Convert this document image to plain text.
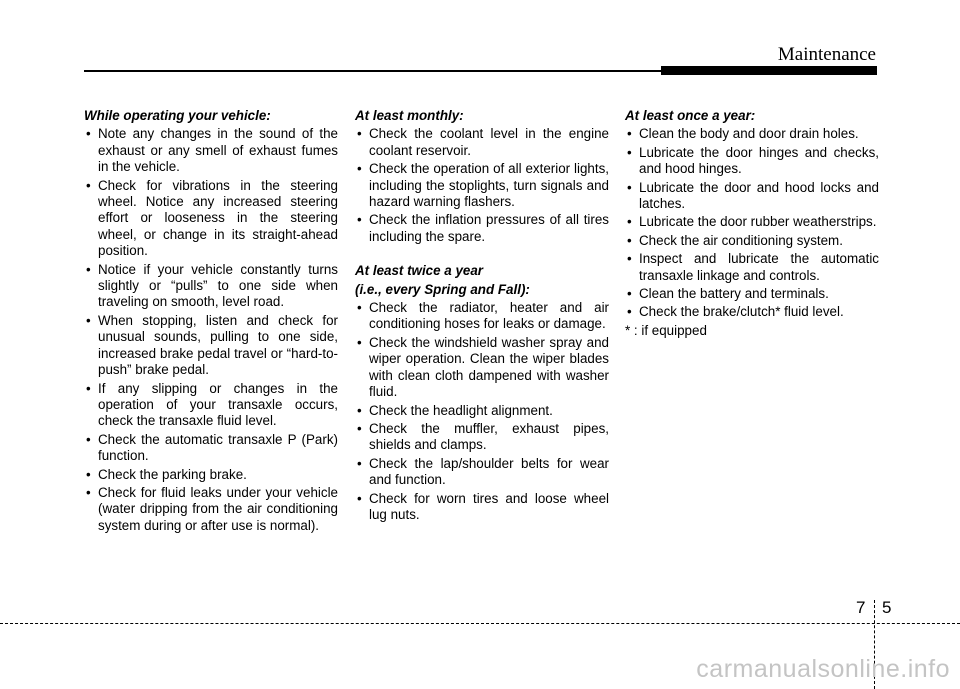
Maintenance
While operating your vehicle:
• Note any changes in the sound of the exhaust or any smell of exhaust fumes in the vehicle.
• Check for vibrations in the steering wheel. Notice any increased steering effort or looseness in the steering wheel, or change in its straight-ahead position.
• Notice if your vehicle constantly turns slightly or “pulls” to one side when traveling on smooth, level road.
• When stopping, listen and check for unusual sounds, pulling to one side, increased brake pedal travel or “hard-to-push” brake pedal.
• If any slipping or changes in the operation of your transaxle occurs, check the transaxle fluid level.
• Check the automatic transaxle P (Park) function.
• Check the parking brake.
• Check for fluid leaks under your vehicle (water dripping from the air conditioning system during or after use is normal).
At least monthly:
• Check the coolant level in the engine coolant reservoir.
• Check the operation of all exterior lights, including the stoplights, turn signals and hazard warning flashers.
• Check the inflation pressures of all tires including the spare.
At least twice a year
(i.e., every Spring and Fall):
• Check the radiator, heater and air conditioning hoses for leaks or damage.
• Check the windshield washer spray and wiper operation. Clean the wiper blades with clean cloth dampened with washer fluid.
• Check the headlight alignment.
• Check the muffler, exhaust pipes, shields and clamps.
• Check the lap/shoulder belts for wear and function.
• Check for worn tires and loose wheel lug nuts.
At least once a year:
• Clean the body and door drain holes.
• Lubricate the door hinges and checks, and hood hinges.
• Lubricate the door and hood locks and latches.
• Lubricate the door rubber weatherstrips.
• Check the air conditioning system.
• Inspect and lubricate the automatic transaxle linkage and controls.
• Clean the battery and terminals.
• Check the brake/clutch* fluid level.
* : if equipped
7 5
carmanualsonline.info
